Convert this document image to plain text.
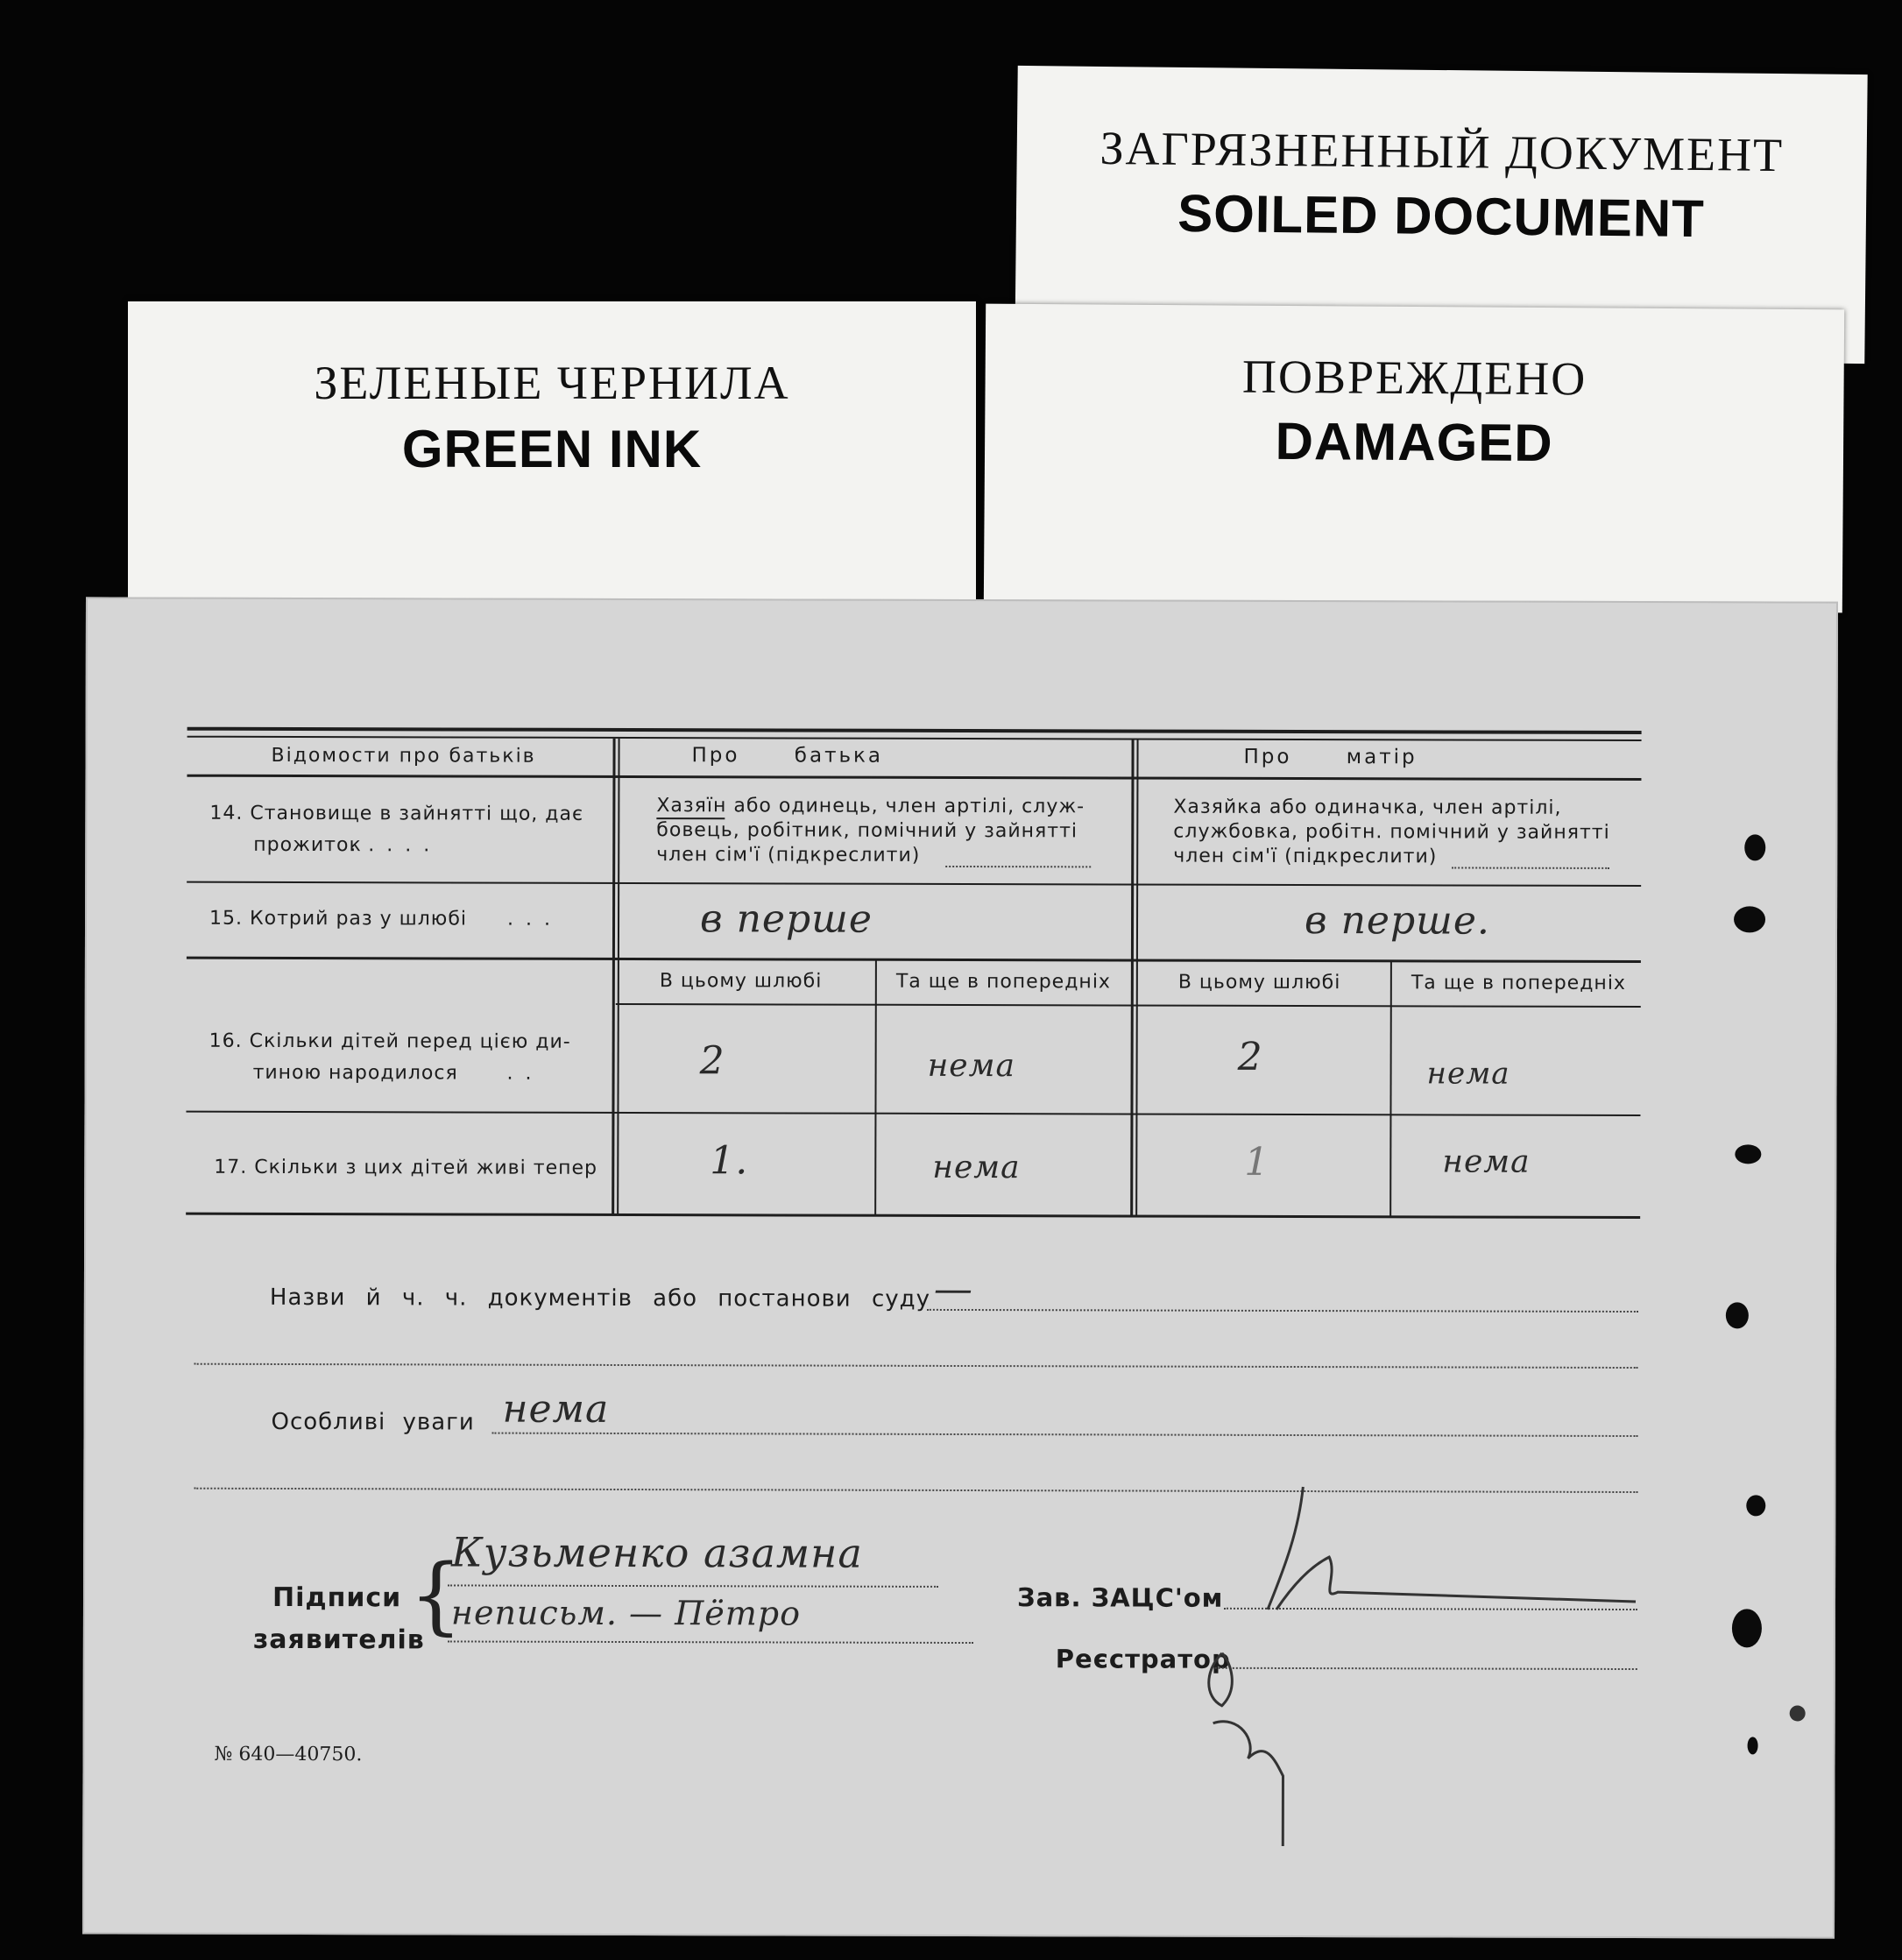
ЗАГРЯЗНЕННЫЙ ДОКУМЕНТ
SOILED DOCUMENT
ЗЕЛЕНЫЕ ЧЕРНИЛА
GREEN INK
ПОВРЕЖДЕНО
DAMAGED
Відомости про батьків	Про батька	Про матір
14. Становище в зайнятті що, дає
прожиток
.....
Хазяїн або одинець, член артілі, служ-
бовець, робітник, помічний у зайнятті
член сім'ї (підкреслити)
Хазяйка або одиначка, член артілі,
службовка, робітн. помічний у зайнятті
член сім'ї (підкреслити)
15. Котрий раз у шлюбі ...	в перше	в перше.
В цьому шлюбі	Та ще в попередніх	В цьому шлюбі	Та ще в попередніх
16. Скільки дітей перед цією ди-
тиною народилося	..	2	нема	2	нема
17. Скільки з цих дітей живі тепер	1.	нема	1	нема
Назви й ч. ч. документів або постанови суду —
Особливі уваги нема
Підписи
заявителів
{
Кузьменко азамна
неписьм. — Пётро	Зав. ЗАЦС'ом
Реєстратор
№ 640—40750.
